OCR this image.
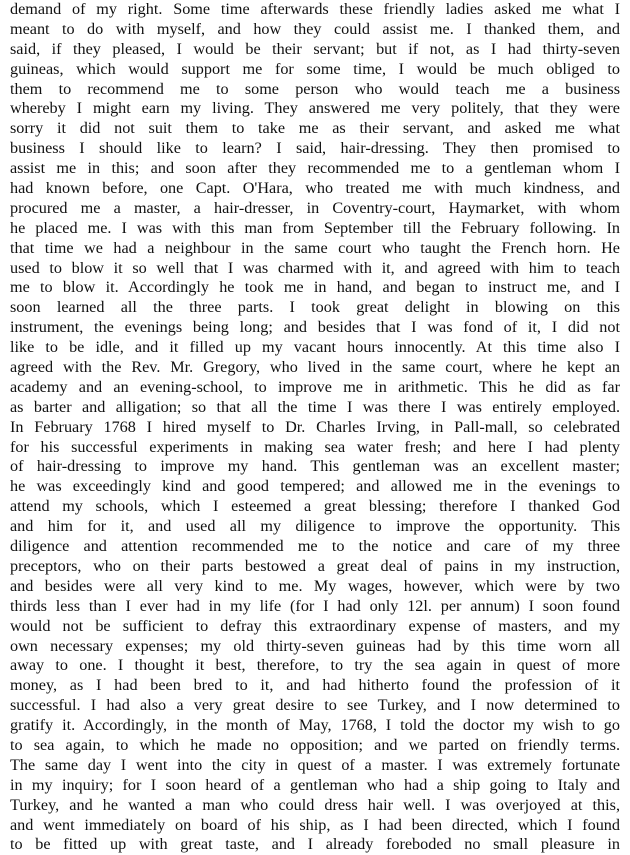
demand of my right. Some time afterwards these friendly ladies asked me what I
meant to do with myself, and how they could assist me. I thanked them, and
said, if they pleased, I would be their servant; but if not, as I had thirty-seven
guineas, which would support me for some time, I would be much obliged to
them to recommend me to some person who would teach me a business
whereby I might earn my living. They answered me very politely, that they were
sorry it did not suit them to take me as their servant, and asked me what
business I should like to learn? I said, hair-dressing. They then promised to
assist me in this; and soon after they recommended me to a gentleman whom I
had known before, one Capt. O'Hara, who treated me with much kindness, and
procured me a master, a hair-dresser, in Coventry-court, Haymarket, with whom
he placed me. I was with this man from September till the February following. In
that time we had a neighbour in the same court who taught the French horn. He
used to blow it so well that I was charmed with it, and agreed with him to teach
me to blow it. Accordingly he took me in hand, and began to instruct me, and I
soon learned all the three parts. I took great delight in blowing on this
instrument, the evenings being long; and besides that I was fond of it, I did not
like to be idle, and it filled up my vacant hours innocently. At this time also I
agreed with the Rev. Mr. Gregory, who lived in the same court, where he kept an
academy and an evening-school, to improve me in arithmetic. This he did as far
as barter and alligation; so that all the time I was there I was entirely employed.
In February 1768 I hired myself to Dr. Charles Irving, in Pall-mall, so celebrated
for his successful experiments in making sea water fresh; and here I had plenty
of hair-dressing to improve my hand. This gentleman was an excellent master;
he was exceedingly kind and good tempered; and allowed me in the evenings to
attend my schools, which I esteemed a great blessing; therefore I thanked God
and him for it, and used all my diligence to improve the opportunity. This
diligence and attention recommended me to the notice and care of my three
preceptors, who on their parts bestowed a great deal of pains in my instruction,
and besides were all very kind to me. My wages, however, which were by two
thirds less than I ever had in my life (for I had only 12l. per annum) I soon found
would not be sufficient to defray this extraordinary expense of masters, and my
own necessary expenses; my old thirty-seven guineas had by this time worn all
away to one. I thought it best, therefore, to try the sea again in quest of more
money, as I had been bred to it, and had hitherto found the profession of it
successful. I had also a very great desire to see Turkey, and I now determined to
gratify it. Accordingly, in the month of May, 1768, I told the doctor my wish to go
to sea again, to which he made no opposition; and we parted on friendly terms.
The same day I went into the city in quest of a master. I was extremely fortunate
in my inquiry; for I soon heard of a gentleman who had a ship going to Italy and
Turkey, and he wanted a man who could dress hair well. I was overjoyed at this,
and went immediately on board of his ship, as I had been directed, which I found
to be fitted up with great taste, and I already foreboded no small pleasure in
